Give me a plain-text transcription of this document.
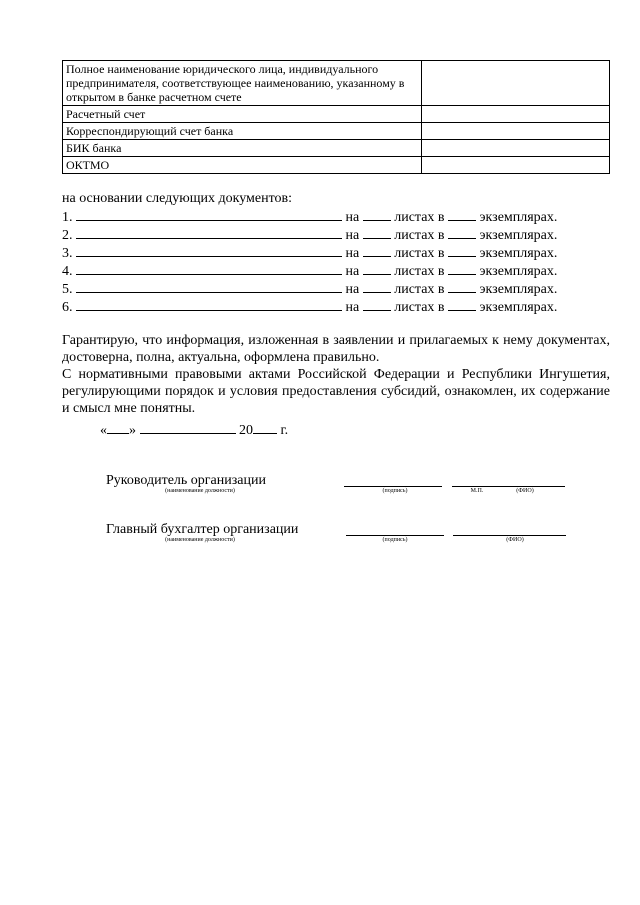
Полное наименование юридического лица, индивидуального предпринимателя, соответствующее наименованию, указанному в открытом в банке расчетном счете	
Расчетный счет	
Корреспондирующий счет банка	
БИК банка	
ОКТМО	
на основании следующих документов:
1.	на	листах в	экземплярах.
2.	на	листах в	экземплярах.
3.	на	листах в	экземплярах.
4.	на	листах в	экземплярах.
5.	на	листах в	экземплярах.
6.	на	листах в	экземплярах.
Гарантирую, что информация, изложенная в заявлении и прилагаемых к нему документах, достоверна, полна, актуальна, оформлена правильно.
С нормативными правовыми актами Российской Федерации и Республики Ингушетия, регулирующими порядок и условия предоставления субсидий, ознакомлен, их содержание и смысл мне понятны.
« »	20 г.
Руководитель организации
(наименование должности)	(подпись)	М.П.	(ФИО)
Главный бухгалтер организации
(наименование должности)	(подпись)	(ФИО)
